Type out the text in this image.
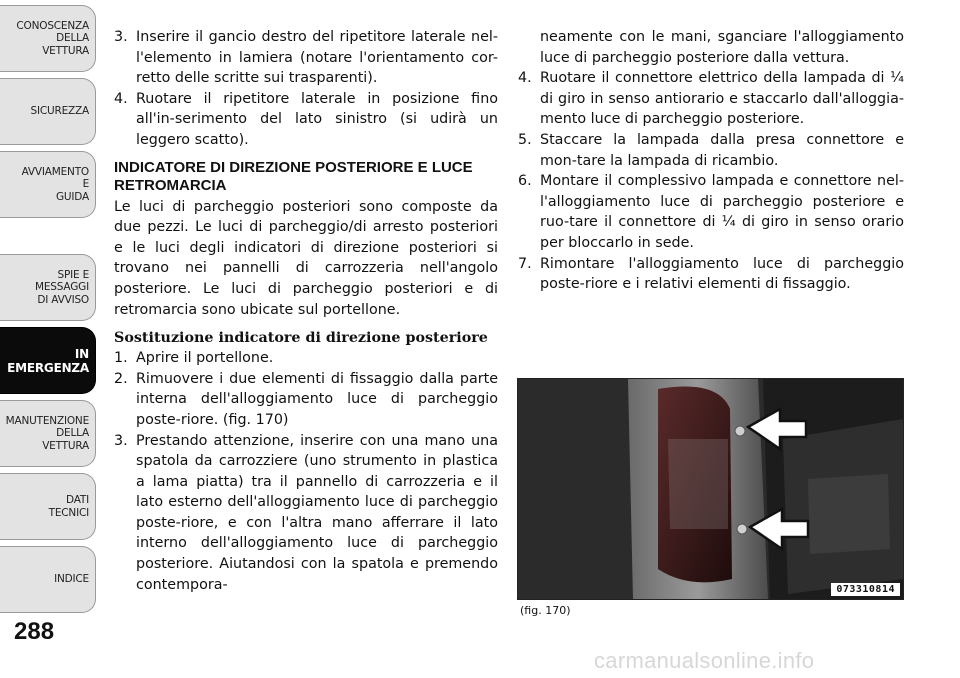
CONOSCENZA
DELLA
VETTURA
SICUREZZA
AVVIAMENTO
E
GUIDA
SPIE E
MESSAGGI
DI AVVISO
IN
EMERGENZA
MANUTENZIONE
DELLA
VETTURA
DATI
TECNICI
INDICE
288
3. Inserire il gancio destro del ripetitore laterale nel-l'elemento in lamiera (notare l'orientamento cor-retto delle scritte sui trasparenti).
4. Ruotare il ripetitore laterale in posizione fino all'in-serimento del lato sinistro (si udirà un leggero scatto).
INDICATORE DI DIREZIONE POSTERIORE E LUCE RETROMARCIA

Le luci di parcheggio posteriori sono composte da due pezzi. Le luci di parcheggio/di arresto posteriori e le luci degli indicatori di direzione posteriori si trovano nei pannelli di carrozzeria nell'angolo posteriore. Le luci di parcheggio posteriori e di retromarcia sono ubicate sul portellone.

Sostituzione indicatore di direzione posteriore
1. Aprire il portellone.
2. Rimuovere i due elementi di fissaggio dalla parte interna dell'alloggiamento luce di parcheggio poste-riore. (fig. 170)
3. Prestando attenzione, inserire con una mano una spatola da carrozziere (uno strumento in plastica a lama piatta) tra il pannello di carrozzeria e il lato esterno dell'alloggiamento luce di parcheggio poste-riore, e con l'altra mano afferrare il lato interno dell'alloggiamento luce di parcheggio posteriore. Aiutandosi con la spatola e premendo contempora-
neamente con le mani, sganciare l'alloggiamento luce di parcheggio posteriore dalla vettura.
4. Ruotare il connettore elettrico della lampada di ¼ di giro in senso antiorario e staccarlo dall'alloggia-mento luce di parcheggio posteriore.
5. Staccare la lampada dalla presa connettore e mon-tare la lampada di ricambio.
6. Montare il complessivo lampada e connettore nel-l'alloggiamento luce di parcheggio posteriore e ruo-tare il connettore di ¼ di giro in senso orario per bloccarlo in sede.
7. Rimontare l'alloggiamento luce di parcheggio poste-riore e i relativi elementi di fissaggio.
073310814
(fig. 170)
carmanualsonline.info
